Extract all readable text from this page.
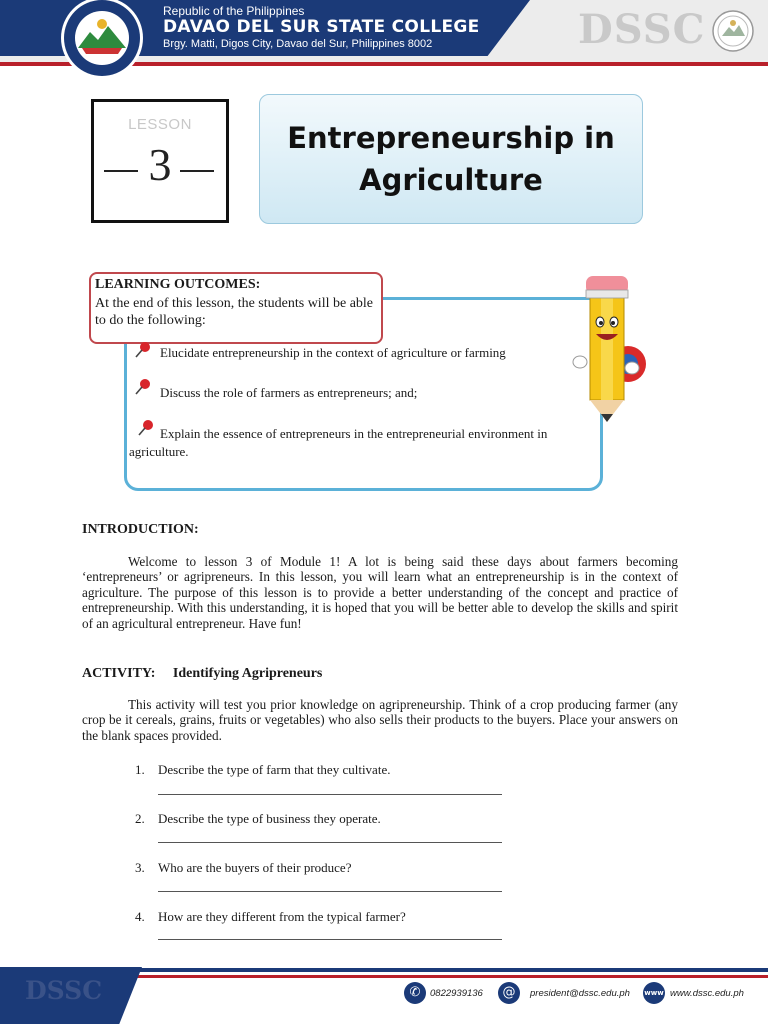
Republic of the Philippines
DAVAO DEL SUR STATE COLLEGE
Brgy. Matti, Digos City, Davao del Sur, Philippines 8002	DSSC
LESSON
3
Entrepreneurship in
Agriculture
LEARNING OUTCOMES:
At the end of this lesson, the students will be able to do the following:
Elucidate entrepreneurship in the context of agriculture or farming
Discuss the role of farmers as entrepreneurs; and;
Explain the essence of entrepreneurs in the entrepreneurial environment in
agriculture.
INTRODUCTION:
Welcome to lesson 3 of Module 1! A lot is being said these days about farmers becoming ‘entrepreneurs’ or agripreneurs. In this lesson, you will learn what an entrepreneurship is in the context of agriculture. The purpose of this lesson is to provide a better understanding of the concept and practice of entrepreneurship. With this understanding, it is hoped that you will be better able to develop the skills and spirit of an agricultural entrepreneur. Have fun!
ACTIVITY: Identifying Agripreneurs
This activity will test you prior knowledge on agripreneurship. Think of a crop producing farmer (any crop be it cereals, grains, fruits or vegetables) who also sells their products to the buyers. Place your answers on the blank spaces provided.
1. Describe the type of farm that they cultivate.
2. Describe the type of business they operate.
3. Who are the buyers of their produce?
4. How are they different from the typical farmer?
DSSC	✆	0822939136	@	president@dssc.edu.ph www www.dssc.edu.ph
